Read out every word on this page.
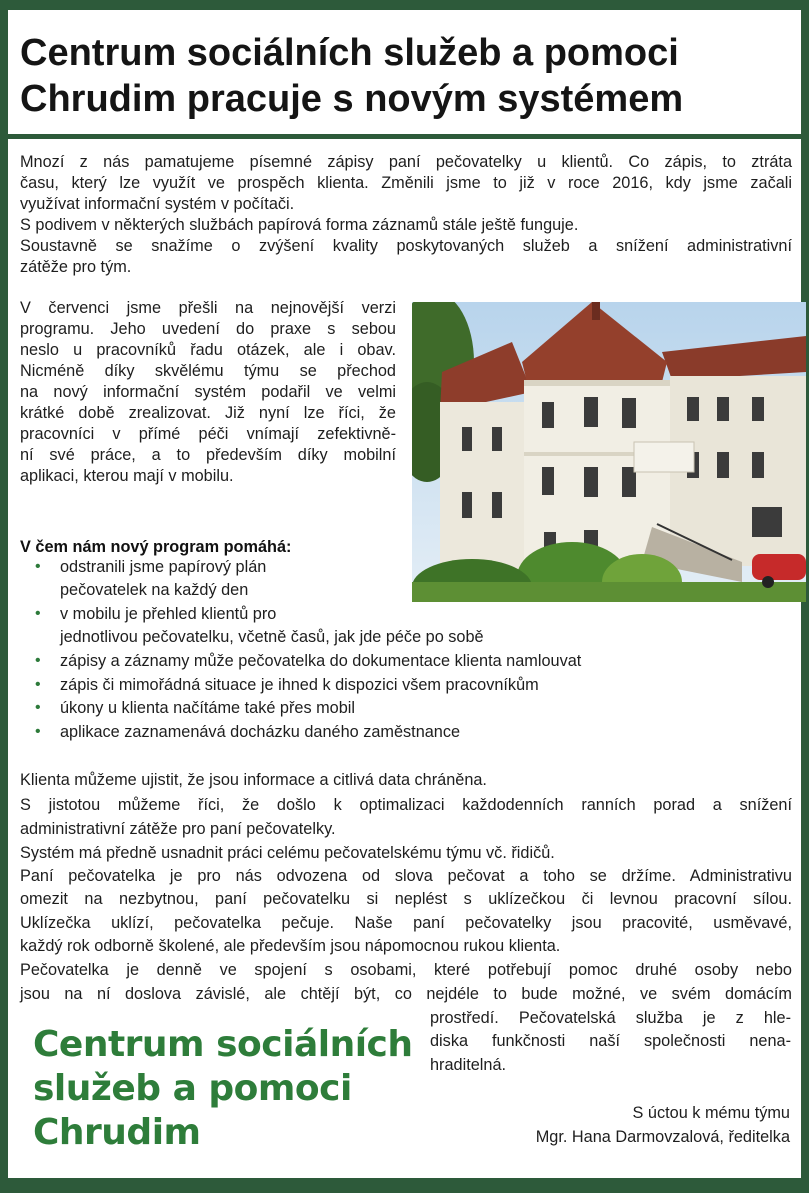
Centrum sociálních služeb a pomoci
Chrudim pracuje s novým systémem

Mnozí z nás pamatujeme písemné zápisy paní pečovatelky u klientů. Co zápis, to ztráta

času, který lze využít ve prospěch klienta. Změnili jsme to již v roce 2016, kdy jsme začali

využívat informační systém v počítači.

S podivem v některých službách papírová forma záznamů stále ještě funguje.

Soustavně se snažíme o zvýšení kvality poskytovaných služeb a snížení administrativní

zátěže pro tým.

V červenci jsme přešli na nejnovější verzi

programu. Jeho uvedení do praxe s sebou

neslo u pracovníků řadu otázek, ale i obav.

Nicméně díky skvělému týmu se přechod

na nový informační systém podařil ve velmi

krátké době zrealizovat. Již nyní lze říci, že

pracovníci v přímé péči vnímají zefektivně-

ní své práce, a to především díky mobilní

aplikaci, kterou mají v mobilu.

V čem nám nový program pomáhá:

•

odstranili jsme papírový plán

pečovatelek na každý den

•

v mobilu je přehled klientů pro

jednotlivou pečovatelku, včetně časů, jak jde péče po sobě

•

zápisy a záznamy může pečovatelka do dokumentace klienta namlouvat

•

zápis či mimořádná situace je ihned k dispozici všem pracovníkům

•

úkony u klienta načítáme také přes mobil

•

aplikace zaznamenává docházku daného zaměstnance

Klienta můžeme ujistit, že jsou informace a citlivá data chráněna.

S jistotou můžeme říci, že došlo k optimalizaci každodenních ranních porad a snížení

administrativní zátěže pro paní pečovatelky.

Systém má předně usnadnit práci celému pečovatelskému týmu vč. řidičů.

Paní pečovatelka je pro nás odvozena od slova pečovat a toho se držíme. Administrativu

omezit na nezbytnou, paní pečovatelku si neplést s uklízečkou či levnou pracovní sílou.

Uklízečka uklízí, pečovatelka pečuje. Naše paní pečovatelky jsou pracovité, usměvavé,

každý rok odborně školené, ale především jsou nápomocnou rukou klienta.

Pečovatelka je denně ve spojení s osobami, které potřebují pomoc druhé osoby nebo

jsou na ní doslova závislé, ale chtějí být, co nejdéle to bude možné, ve svém domácím

prostředí. Pečovatelská služba je z hle-

diska funkčnosti naší společnosti nena-

hraditelná.

Centrum sociálních
služeb a pomoci
Chrudim	S úctou k mému týmu

Mgr. Hana Darmovzalová, ředitelka
